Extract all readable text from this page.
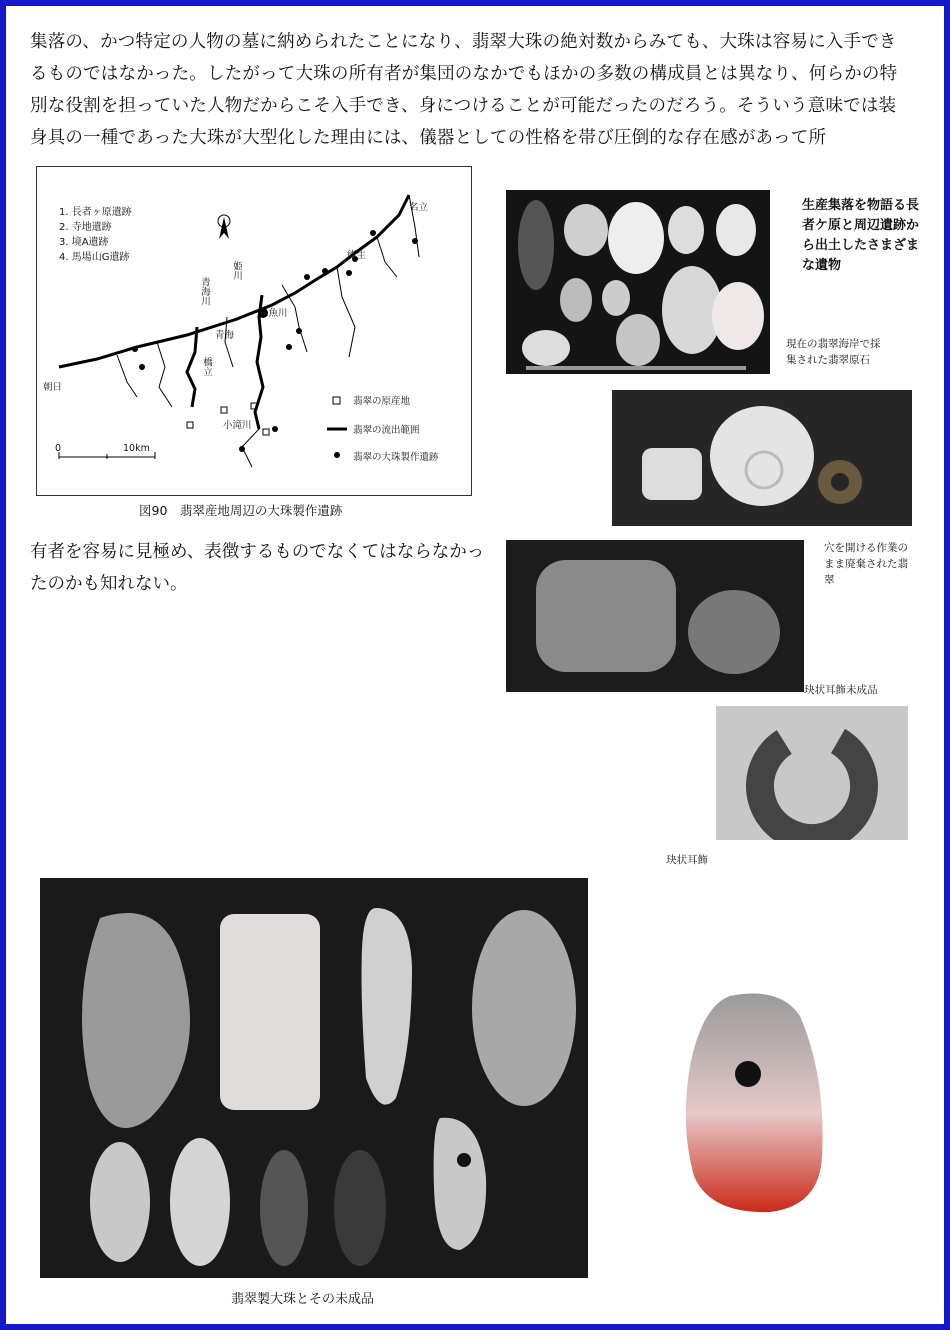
集落の、かつ特定の人物の墓に納められたことになり、翡翠大珠の絶対数からみても、大珠は容易に入手できるものではなかった。したがって大珠の所有者が集団のなかでもほかの多数の構成員とは異なり、何らかの特別な役割を担っていた人物だからこそ入手でき、身につけることが可能だったのだろう。そういう意味では装身具の一種であった大珠が大型化した理由には、儀器としての性格を帯び圧倒的な存在感があって所
1. 長者ヶ原遺跡
2. 寺地遺跡
3. 境A遺跡
4. 馬場山G遺跡
名立
能生
青海川
姫川
糸魚川
青海
橋立
朝日
小滝川
翡翠の原産地
翡翠の流出範囲
翡翠の大珠製作遺跡
0	10km
図90　翡翠産地周辺の大珠製作遺跡
有者を容易に見極め、表徴するものでなくてはならなかったのかも知れない。
生産集落を物語る長者ケ原と周辺遺跡から出土したさまざまな遺物
現在の翡翠海岸で採集された翡翠原石
穴を開ける作業のまま廃棄された翡翠
玦状耳飾未成品
玦状耳飾
翡翠製大珠とその未成品
